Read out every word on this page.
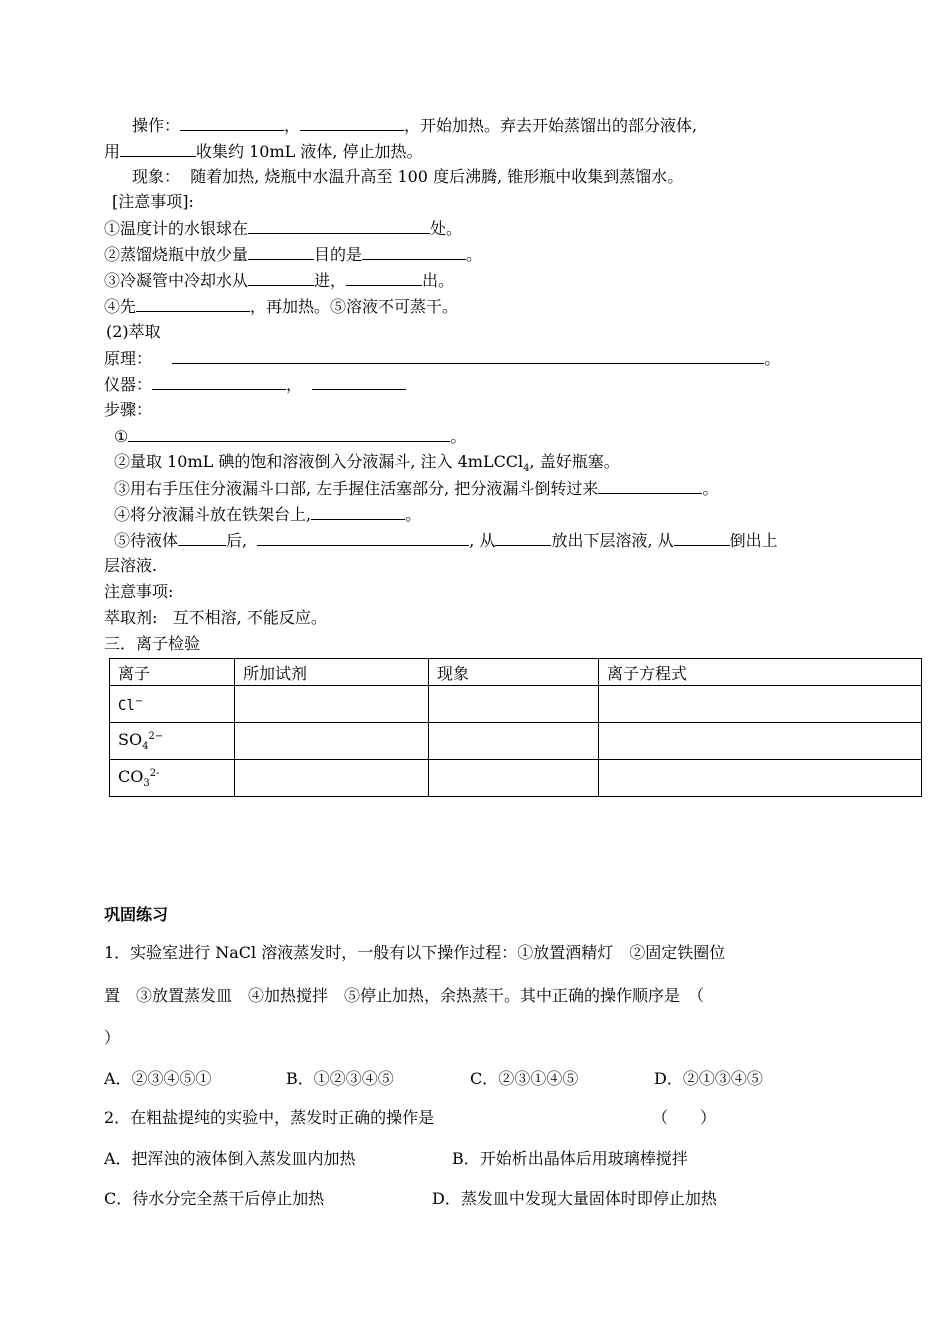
操作：	，	，开始加热。弃去开始蒸馏出的部分液体,
用	收集约 10mL 液体, 停止加热。
现象： 随着加热, 烧瓶中水温升高至 100 度后沸腾, 锥形瓶中收集到蒸馏水。
[注意事项]:
①温度计的水银球在	处。
②蒸馏烧瓶中放少量	目的是	。
③冷凝管中冷却水从	进，	出。
④先	，再加热。⑤溶液不可蒸干。
(2)萃取
原理：	。
仪器：	，
步骤：
①	。
②量取 10mL 碘的饱和溶液倒入分液漏斗, 注入 4mLCCl$_4$, 盖好瓶塞。
③用右手压住分液漏斗口部, 左手握住活塞部分, 把分液漏斗倒转过来	。
④将分液漏斗放在铁架台上,	。
⑤待液体	后,	, 从	放出下层溶液, 从	倒出上
层溶液.
注意事项:
萃取剂: 互不相溶, 不能反应。
三．离子检验
离子	所加试剂	现象	离子方程式
Cl−			
$SO_4^{2-}$			
$CO_3^{2-}$			
巩固练习
1．实验室进行 NaCl 溶液蒸发时，一般有以下操作过程：①放置酒精灯　②固定铁圈位
置　③放置蒸发皿　④加热搅拌　⑤停止加热，余热蒸干。其中正确的操作顺序是　（
）
A．②③④⑤①	B．①②③④⑤	C．②③①④⑤	D．②①③④⑤
2．在粗盐提纯的实验中，蒸发时正确的操作是	（　　）
A．把浑浊的液体倒入蒸发皿内加热	B．开始析出晶体后用玻璃棒搅拌
C．待水分完全蒸干后停止加热	D．蒸发皿中发现大量固体时即停止加热
